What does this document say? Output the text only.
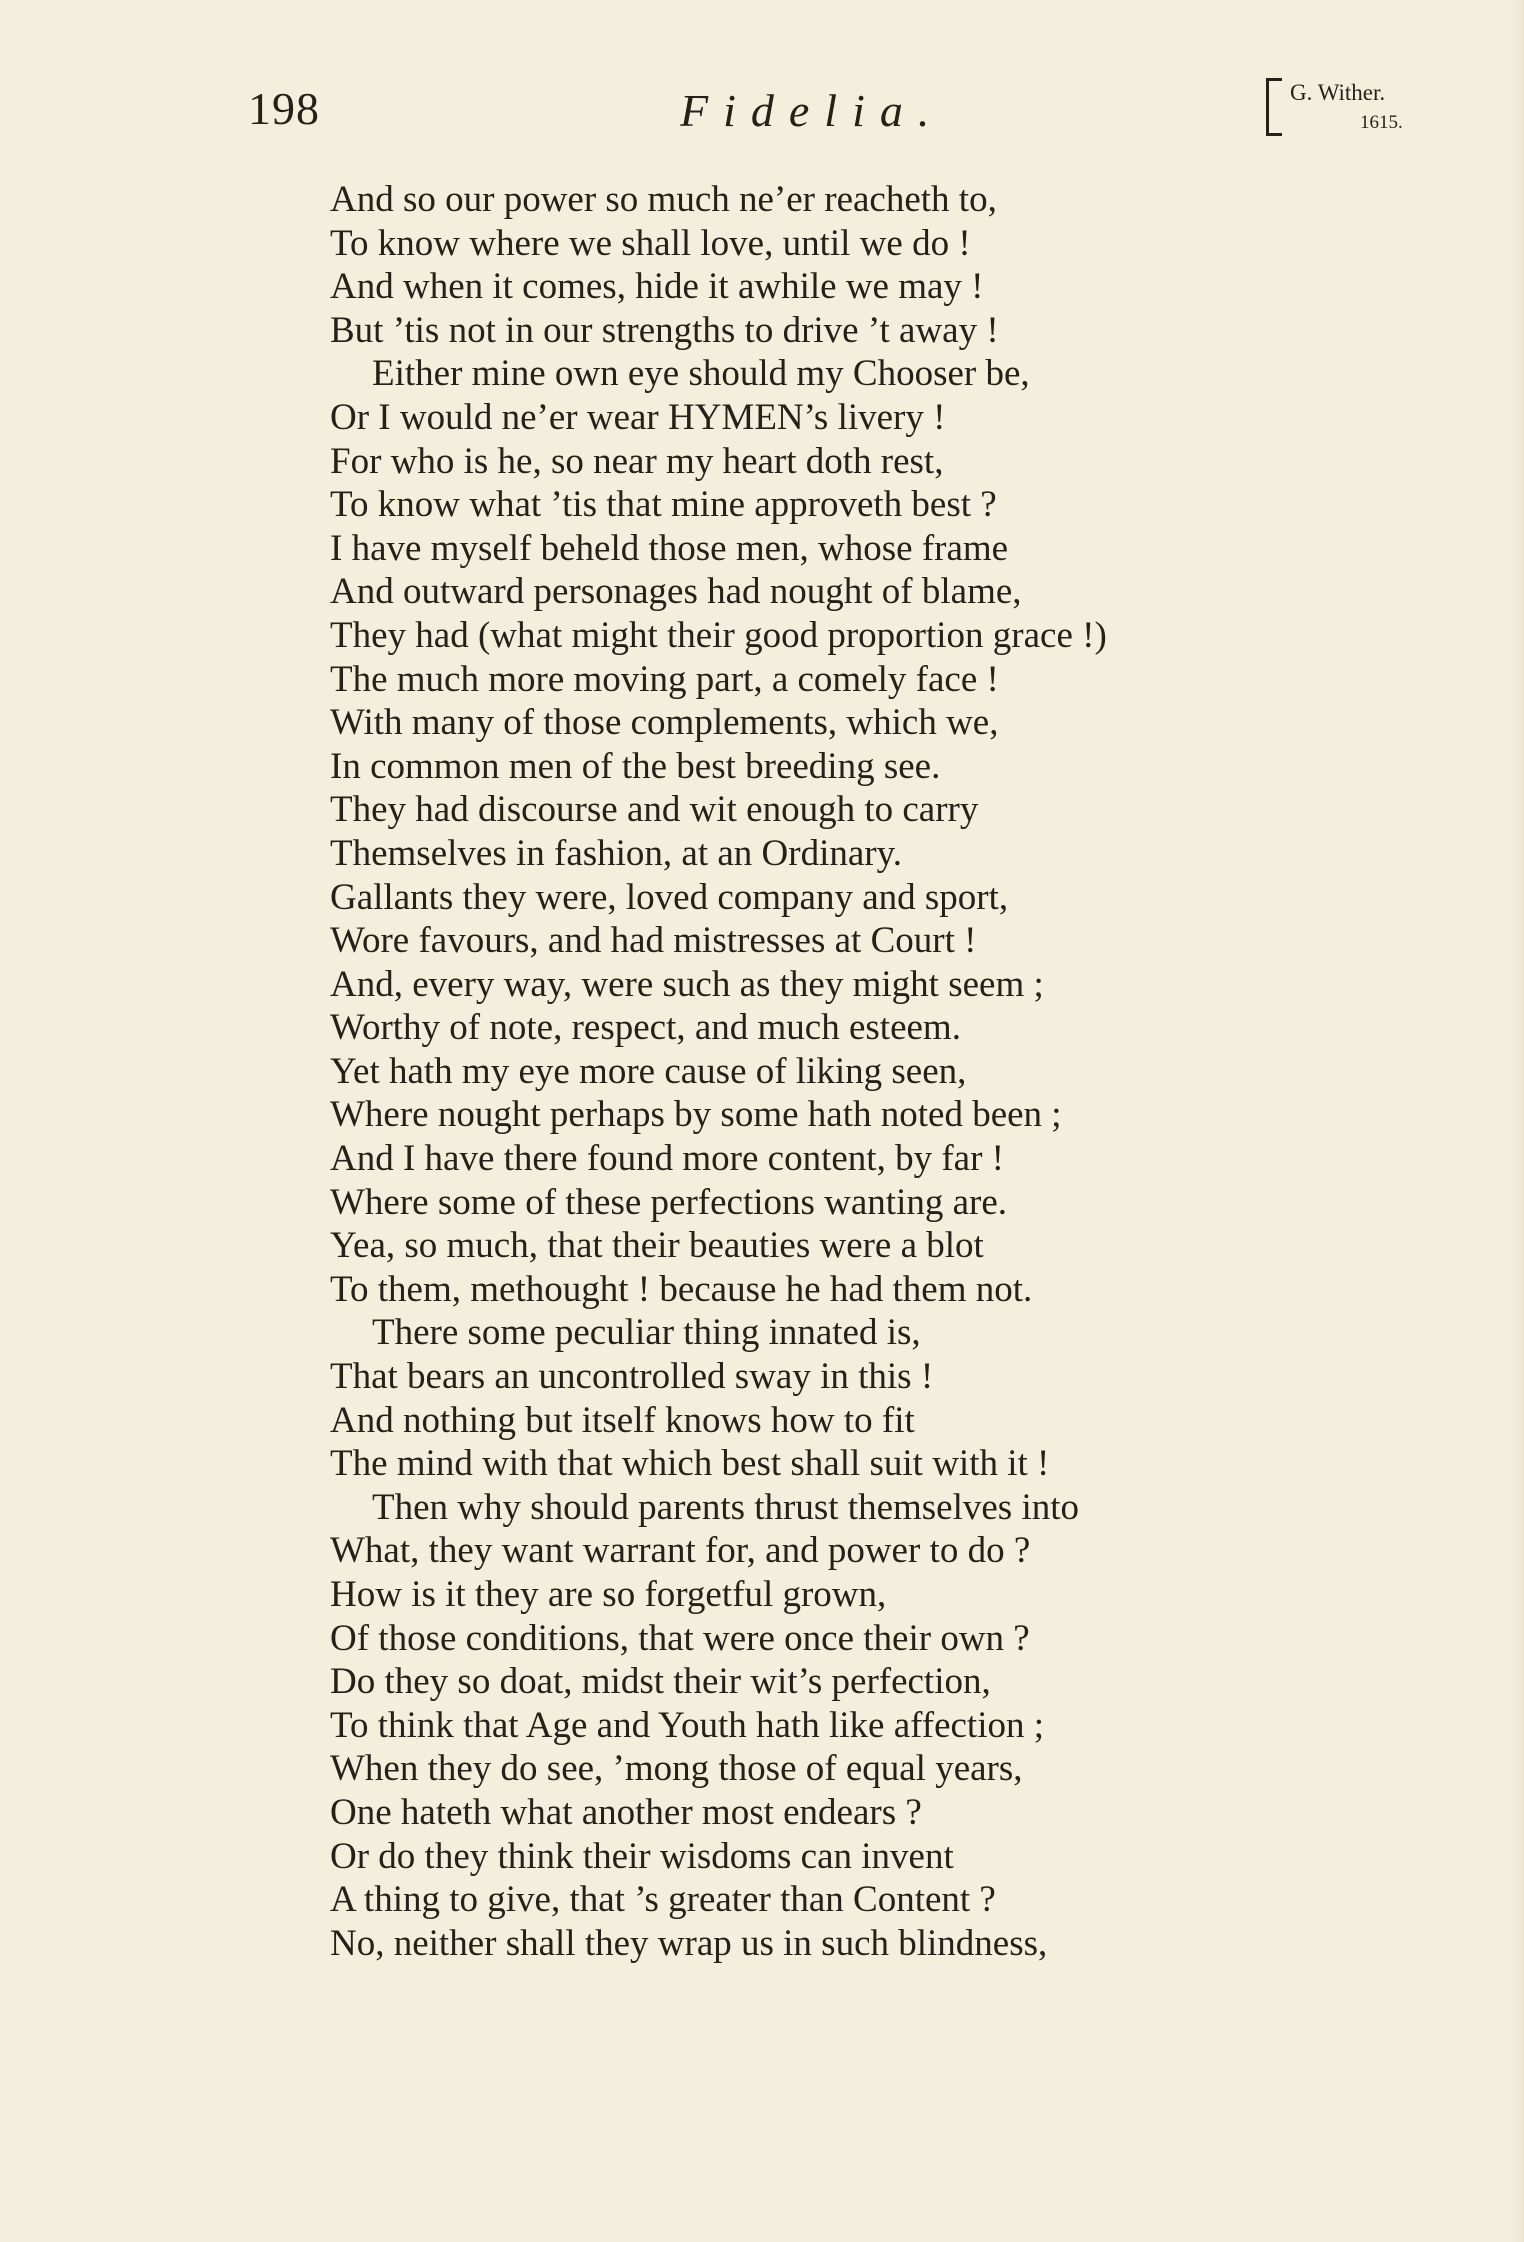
198	Fidelia.	G. Wither.
1615.
And so our power so much ne’er reacheth to,
To know where we shall love, until we do !
And when it comes, hide it awhile we may !
But ’tis not in our strengths to drive ’t away !
Either mine own eye should my Chooser be,
Or I would ne’er wear HYMEN’s livery !
For who is he, so near my heart doth rest,
To know what ’tis that mine approveth best ?
I have myself beheld those men, whose frame
And outward personages had nought of blame,
They had (what might their good proportion grace !)
The much more moving part, a comely face !
With many of those complements, which we,
In common men of the best breeding see.
They had discourse and wit enough to carry
Themselves in fashion, at an Ordinary.
Gallants they were, loved company and sport,
Wore favours, and had mistresses at Court !
And, every way, were such as they might seem ;
Worthy of note, respect, and much esteem.
Yet hath my eye more cause of liking seen,
Where nought perhaps by some hath noted been ;
And I have there found more content, by far !
Where some of these perfections wanting are.
Yea, so much, that their beauties were a blot
To them, methought ! because he had them not.
There some peculiar thing innated is,
That bears an uncontrolled sway in this !
And nothing but itself knows how to fit
The mind with that which best shall suit with it !
Then why should parents thrust themselves into
What, they want warrant for, and power to do ?
How is it they are so forgetful grown,
Of those conditions, that were once their own ?
Do they so doat, midst their wit’s perfection,
To think that Age and Youth hath like affection ;
When they do see, ’mong those of equal years,
One hateth what another most endears ?
Or do they think their wisdoms can invent
A thing to give, that ’s greater than Content ?
No, neither shall they wrap us in such blindness,
